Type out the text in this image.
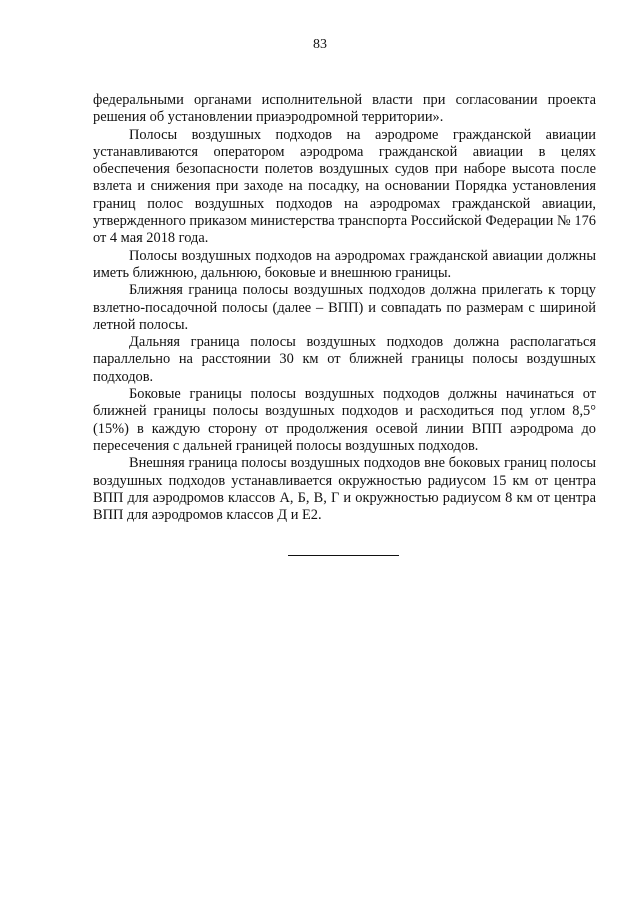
83

федеральными органами исполнительной власти при согласовании проекта решения об установлении приаэродромной территории».

Полосы воздушных подходов на аэродроме гражданской авиации устанавливаются оператором аэродрома гражданской авиации в целях обеспечения безопасности полетов воздушных судов при наборе высота после взлета и снижения при заходе на посадку, на основании Порядка установления границ полос воздушных подходов на аэродромах гражданской авиации, утвержденного приказом министерства транспорта Российской Федерации № 176 от 4 мая 2018 года.

Полосы воздушных подходов на аэродромах гражданской авиации должны иметь ближнюю, дальнюю, боковые и внешнюю границы.

Ближняя граница полосы воздушных подходов должна прилегать к торцу взлетно-посадочной полосы (далее – ВПП) и совпадать по размерам с шириной летной полосы.

Дальняя граница полосы воздушных подходов должна располагаться параллельно на расстоянии 30 км от ближней границы полосы воздушных подходов.

Боковые границы полосы воздушных подходов должны начинаться от ближней границы полосы воздушных подходов и расходиться под углом 8,5° (15%) в каждую сторону от продолжения осевой линии ВПП аэродрома до пересечения с дальней границей полосы воздушных подходов.

Внешняя граница полосы воздушных подходов вне боковых границ полосы воздушных подходов устанавливается окружностью радиусом 15 км от центра ВПП для аэродромов классов А, Б, В, Г и окружностью радиусом 8 км от центра ВПП для аэродромов классов Д и Е2.
